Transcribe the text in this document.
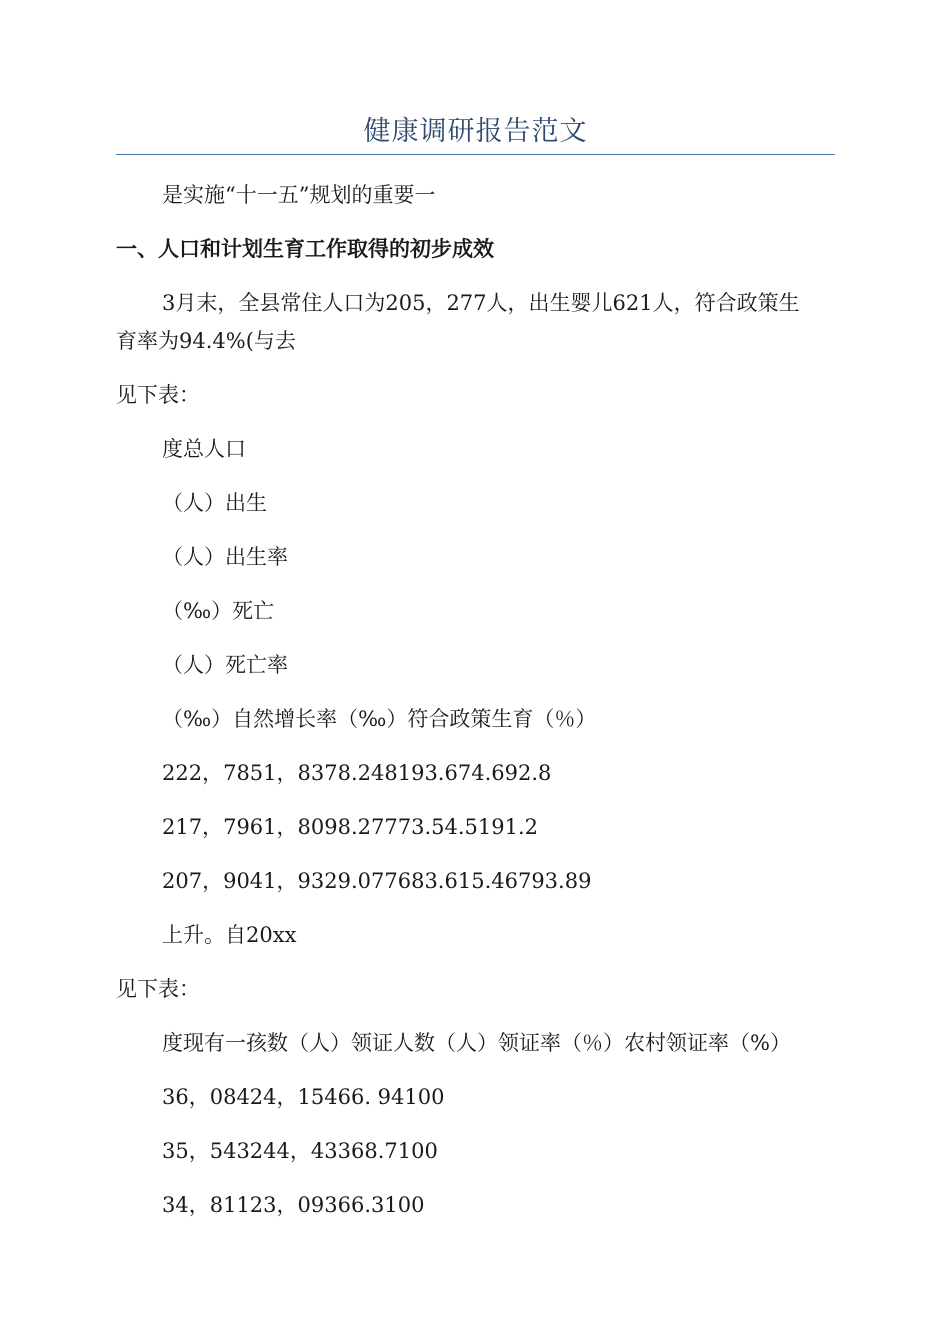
健康调研报告范文

是实施“十一五”规划的重要一

一、人口和计划生育工作取得的初步成效

3月末，全县常住人口为205，277人，出生婴儿621人，符合政策生

育率为94.4%(与去

见下表：

度总人口

（人）出生

（人）出生率

（‰）死亡

（人）死亡率

（‰）自然增长率（‰）符合政策生育（％）

222，7851，8378.248193.674.692.8

217，7961，8098.27773.54.5191.2

207，9041，9329.077683.615.46793.89

上升。自20xx

见下表：

度现有一孩数（人）领证人数（人）领证率（％）农村领证率（%）

36，08424，15466. 94100

35，543244，43368.7100

34，81123，09366.3100
